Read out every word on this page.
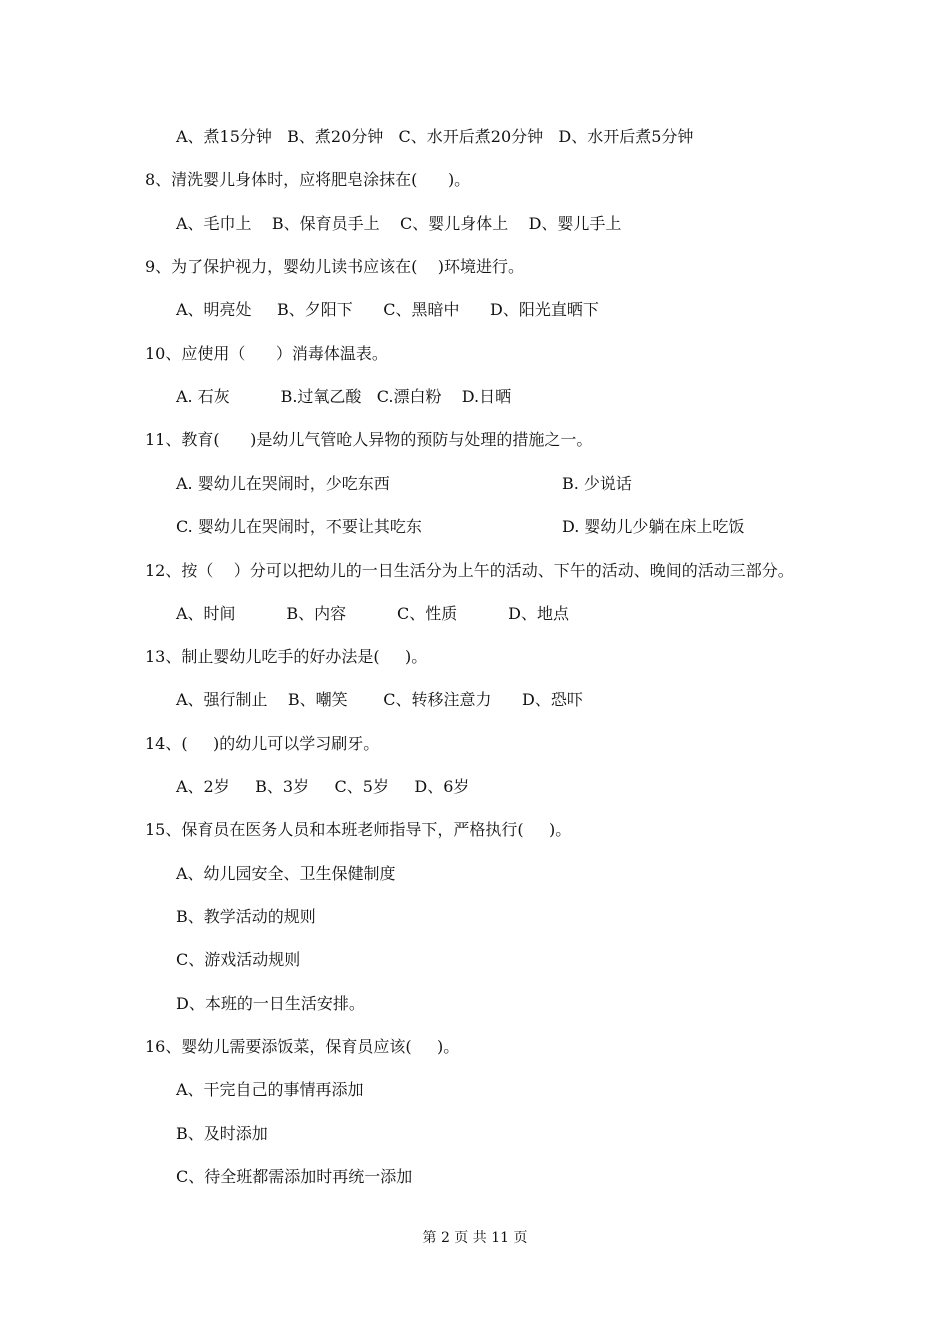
A、煮15分钟   B、煮20分钟   C、水开后煮20分钟   D、水开后煮5分钟
8、清洗婴儿身体时，应将肥皂涂抹在(      )。
A、毛巾上    B、保育员手上    C、婴儿身体上    D、婴儿手上
9、为了保护视力，婴幼儿读书应该在(    )环境进行。
A、明亮处     B、夕阳下      C、黑暗中      D、阳光直晒下
10、应使用（      ）消毒体温表。
A. 石灰          B.过氧乙酸   C.漂白粉    D.日晒
11、教育(      )是幼儿气管呛人异物的预防与处理的措施之一。
A. 婴幼儿在哭闹时，少吃东西	B. 少说话
C. 婴幼儿在哭闹时，不要让其吃东	D. 婴幼儿少躺在床上吃饭
12、按（    ）分可以把幼儿的一日生活分为上午的活动、下午的活动、晚间的活动三部分。
A、时间          B、内容          C、性质          D、地点
13、制止婴幼儿吃手的好办法是(     )。
A、强行制止    B、嘲笑       C、转移注意力      D、恐吓
14、(     )的幼儿可以学习刷牙。
A、2岁     B、3岁     C、5岁     D、6岁
15、保育员在医务人员和本班老师指导下，严格执行(     )。
A、幼儿园安全、卫生保健制度
B、教学活动的规则
C、游戏活动规则
D、本班的一日生活安排。
16、婴幼儿需要添饭菜，保育员应该(     )。
A、干完自己的事情再添加
B、及时添加
C、待全班都需添加时再统一添加
第 2 页 共 11 页
